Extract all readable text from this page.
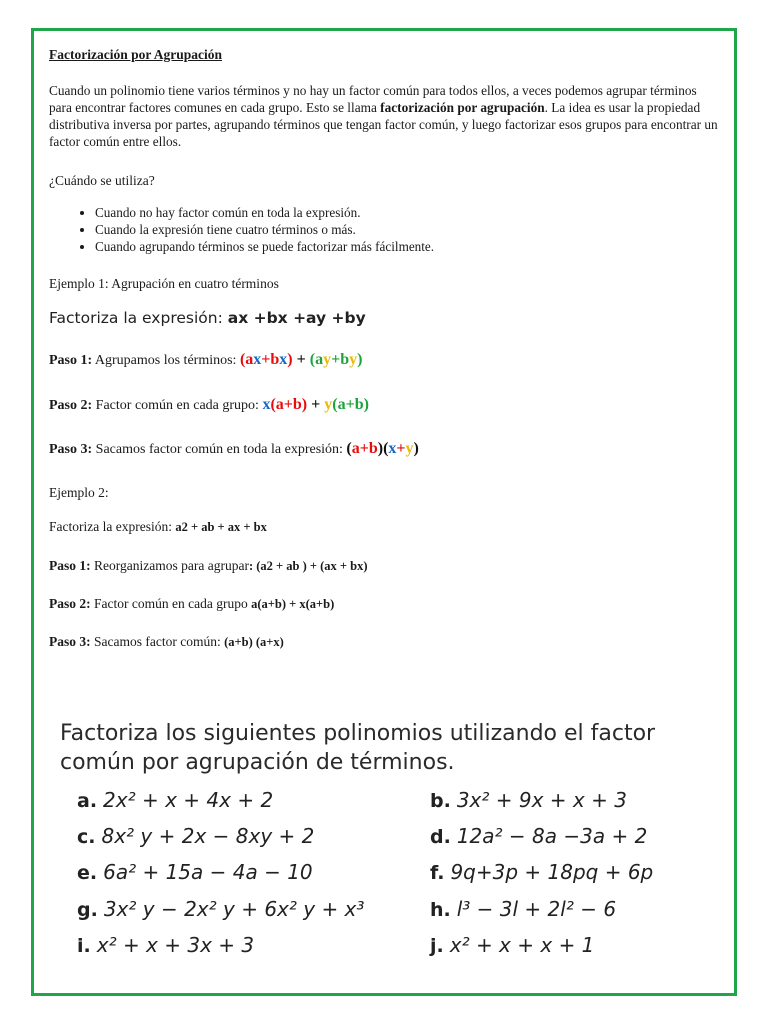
Factorización por Agrupación
Cuando un polinomio tiene varios términos y no hay un factor común para todos ellos, a veces podemos agrupar términos para encontrar factores comunes en cada grupo. Esto se llama factorización por agrupación. La idea es usar la propiedad distributiva inversa por partes, agrupando términos que tengan factor común, y luego factorizar esos grupos para encontrar un factor común entre ellos.
¿Cuándo se utiliza?
• Cuando no hay factor común en toda la expresión.
• Cuando la expresión tiene cuatro términos o más.
• Cuando agrupando términos se puede factorizar más fácilmente.
Ejemplo 1: Agrupación en cuatro términos
Factoriza la expresión: ax +bx +ay +by
Paso 1: Agrupamos los términos: (ax+bx) + (ay+by)
Paso 2: Factor común en cada grupo: x(a+b) + y(a+b)
Paso 3: Sacamos factor común en toda la expresión: (a+b)(x+y)
Ejemplo 2:
Factoriza la expresión: a2 + ab + ax + bx
Paso 1: Reorganizamos para agrupar: (a2 + ab ) + (ax + bx)
Paso 2: Factor común en cada grupo a(a+b) + x(a+b)
Paso 3: Sacamos factor común: (a+b) (a+x)
Factoriza los siguientes polinomios utilizando el factor
común por agrupación de términos.
a. 2x² + x + 4x + 2	b. 3x² + 9x + x + 3
c. 8x² y + 2x − 8xy + 2	d. 12a² − 8a −3a + 2
e. 6a² + 15a − 4a − 10	f. 9q+3p + 18pq + 6p
g. 3x² y − 2x² y + 6x² y + x³	h. l³ − 3l + 2l² − 6
i. x² + x + 3x + 3	j. x² + x + x + 1
